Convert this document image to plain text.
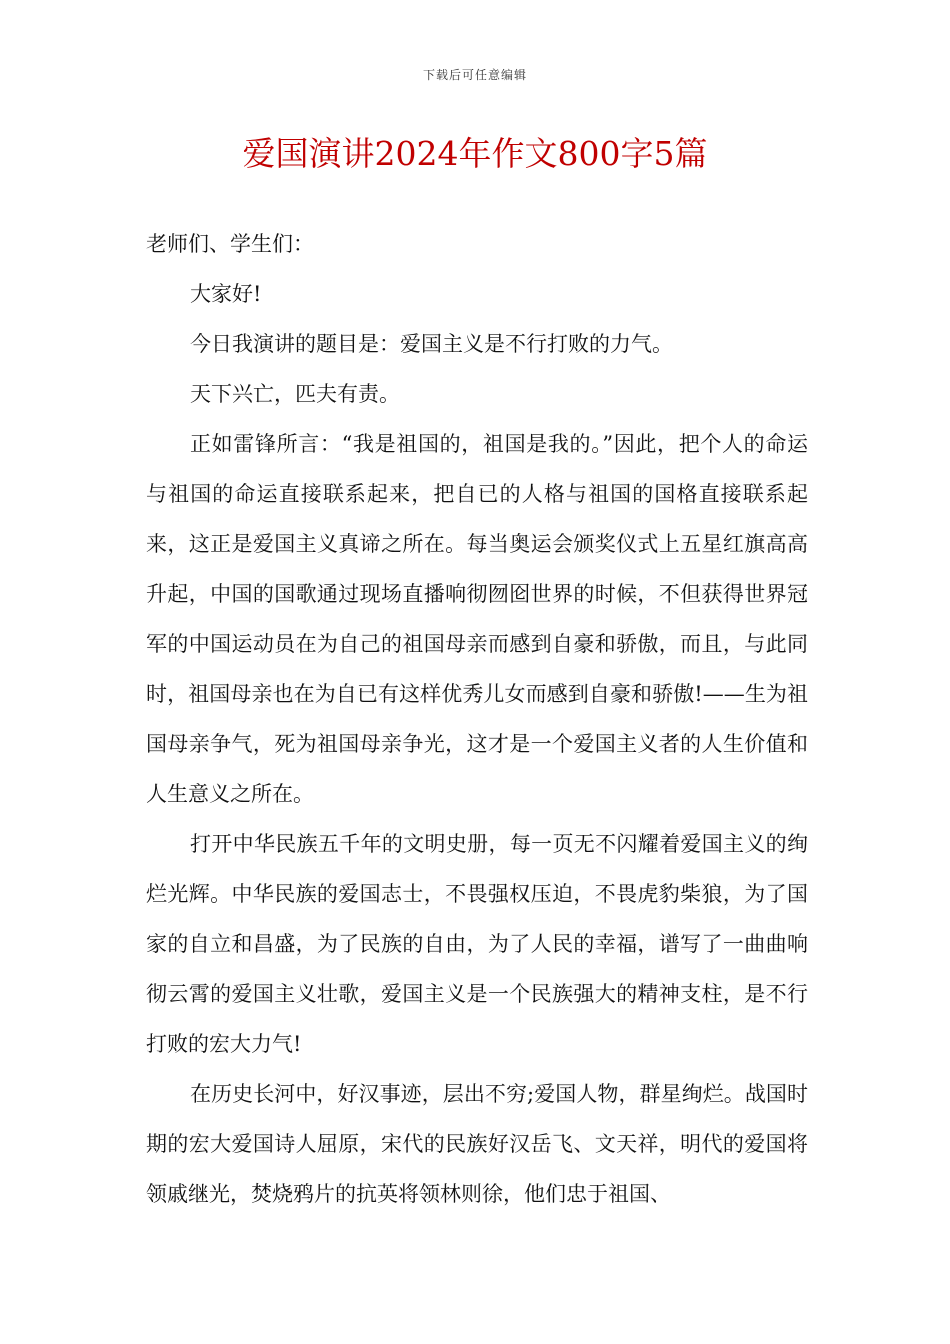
下载后可任意编辑
爱国演讲2024年作文800字5篇

老师们、学生们：

大家好!

今日我演讲的题目是：爱国主义是不行打败的力气。

天下兴亡，匹夫有责。

正如雷锋所言：“我是祖国的，祖国是我的。”因此，把个人的命运与祖国的命运直接联系起来，把自已的人格与祖国的国格直接联系起来，这正是爱国主义真谛之所在。每当奥运会颁奖仪式上五星红旗高高升起，中国的国歌通过现场直播响彻囫囵世界的时候，不但获得世界冠军的中国运动员在为自己的祖国母亲而感到自豪和骄傲，而且，与此同时，祖国母亲也在为自已有这样优秀儿女而感到自豪和骄傲!——生为祖国母亲争气，死为祖国母亲争光，这才是一个爱国主义者的人生价值和人生意义之所在。

打开中华民族五千年的文明史册，每一页无不闪耀着爱国主义的绚烂光辉。中华民族的爱国志士，不畏强权压迫，不畏虎豹柴狼，为了国家的自立和昌盛，为了民族的自由，为了人民的幸福，谱写了一曲曲响彻云霄的爱国主义壮歌，爱国主义是一个民族强大的精神支柱，是不行打败的宏大力气!

在历史长河中，好汉事迹，层出不穷;爱国人物，群星绚烂。战国时期的宏大爱国诗人屈原，宋代的民族好汉岳飞、文天祥，明代的爱国将领戚继光，焚烧鸦片的抗英将领林则徐，他们忠于祖国、
